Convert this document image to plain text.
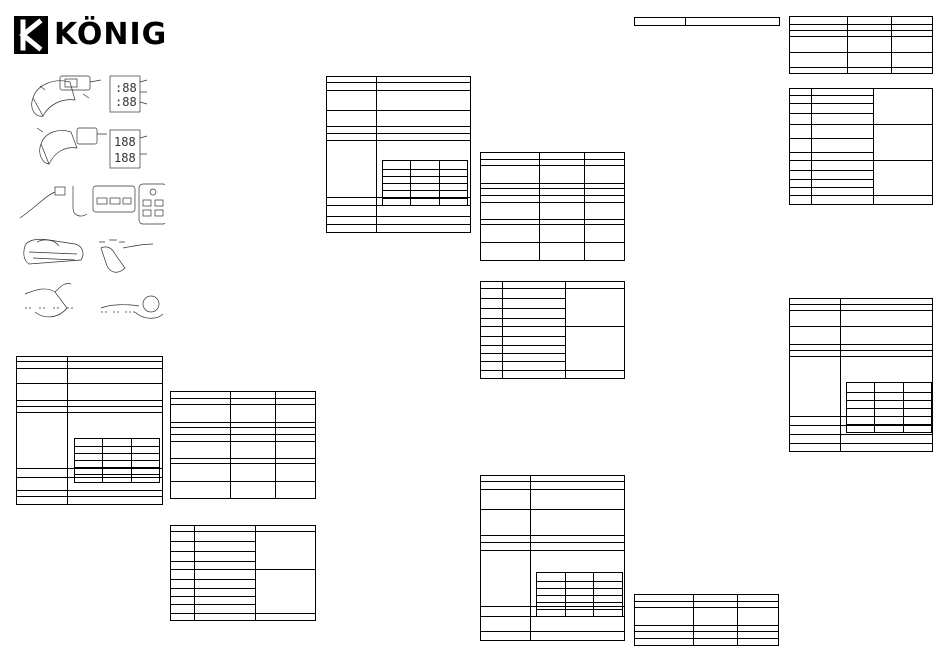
KÖNIG
:88
:88
188
188
